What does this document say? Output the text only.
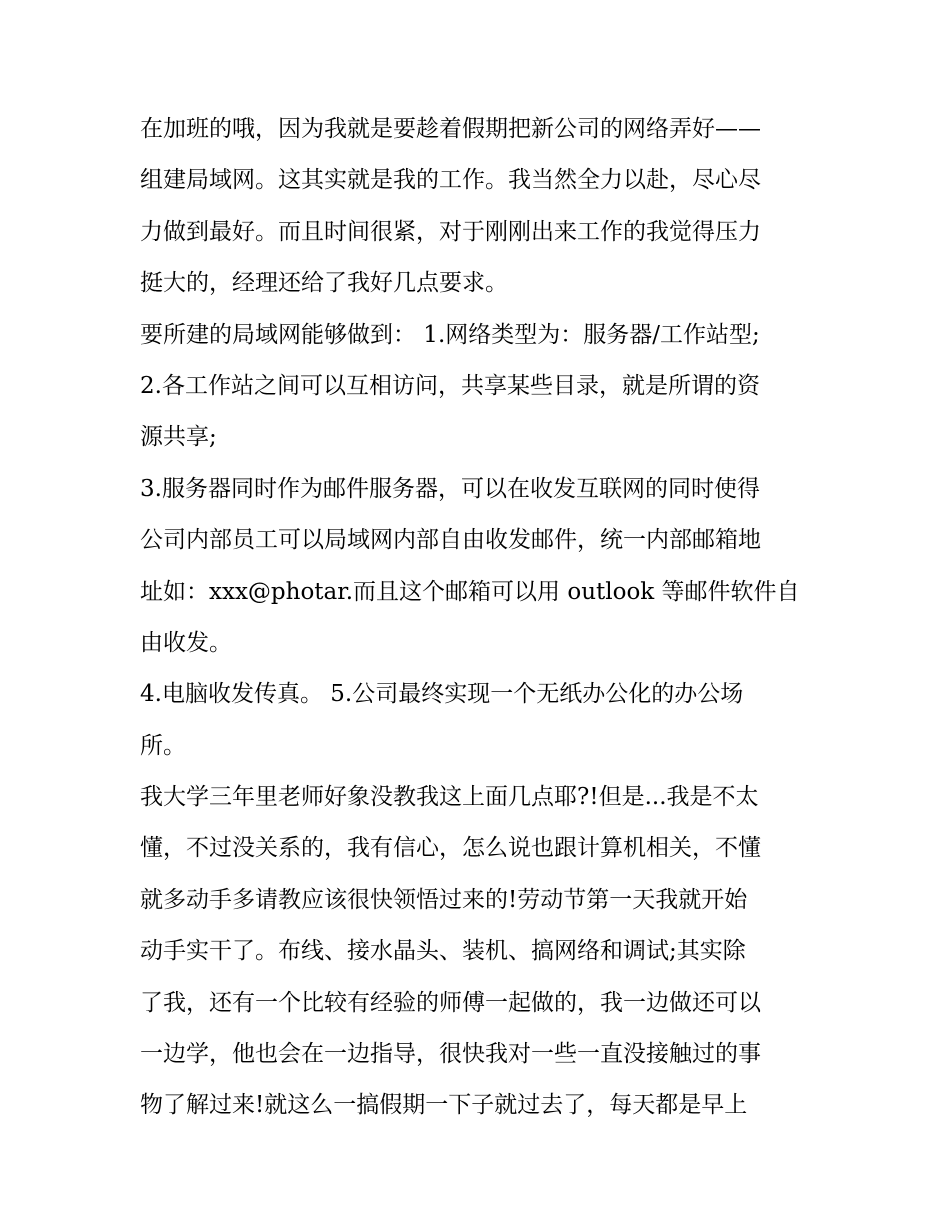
在加班的哦，因为我就是要趁着假期把新公司的网络弄好——
组建局域网。这其实就是我的工作。我当然全力以赴，尽心尽
力做到最好。而且时间很紧，对于刚刚出来工作的我觉得压力
挺大的，经理还给了我好几点要求。
要所建的局域网能够做到： 1.网络类型为：服务器/工作站型;
2.各工作站之间可以互相访问，共享某些目录，就是所谓的资
源共享;
3.服务器同时作为邮件服务器，可以在收发互联网的同时使得
公司内部员工可以局域网内部自由收发邮件，统一内部邮箱地
址如：xxx@photar.而且这个邮箱可以用 outlook 等邮件软件自
由收发。
4.电脑收发传真。 5.公司最终实现一个无纸办公化的办公场
所。
我大学三年里老师好象没教我这上面几点耶?!但是...我是不太
懂，不过没关系的，我有信心，怎么说也跟计算机相关，不懂
就多动手多请教应该很快领悟过来的!劳动节第一天我就开始
动手实干了。布线、接水晶头、装机、搞网络和调试;其实除
了我，还有一个比较有经验的师傅一起做的，我一边做还可以
一边学，他也会在一边指导，很快我对一些一直没接触过的事
物了解过来!就这么一搞假期一下子就过去了，每天都是早上
